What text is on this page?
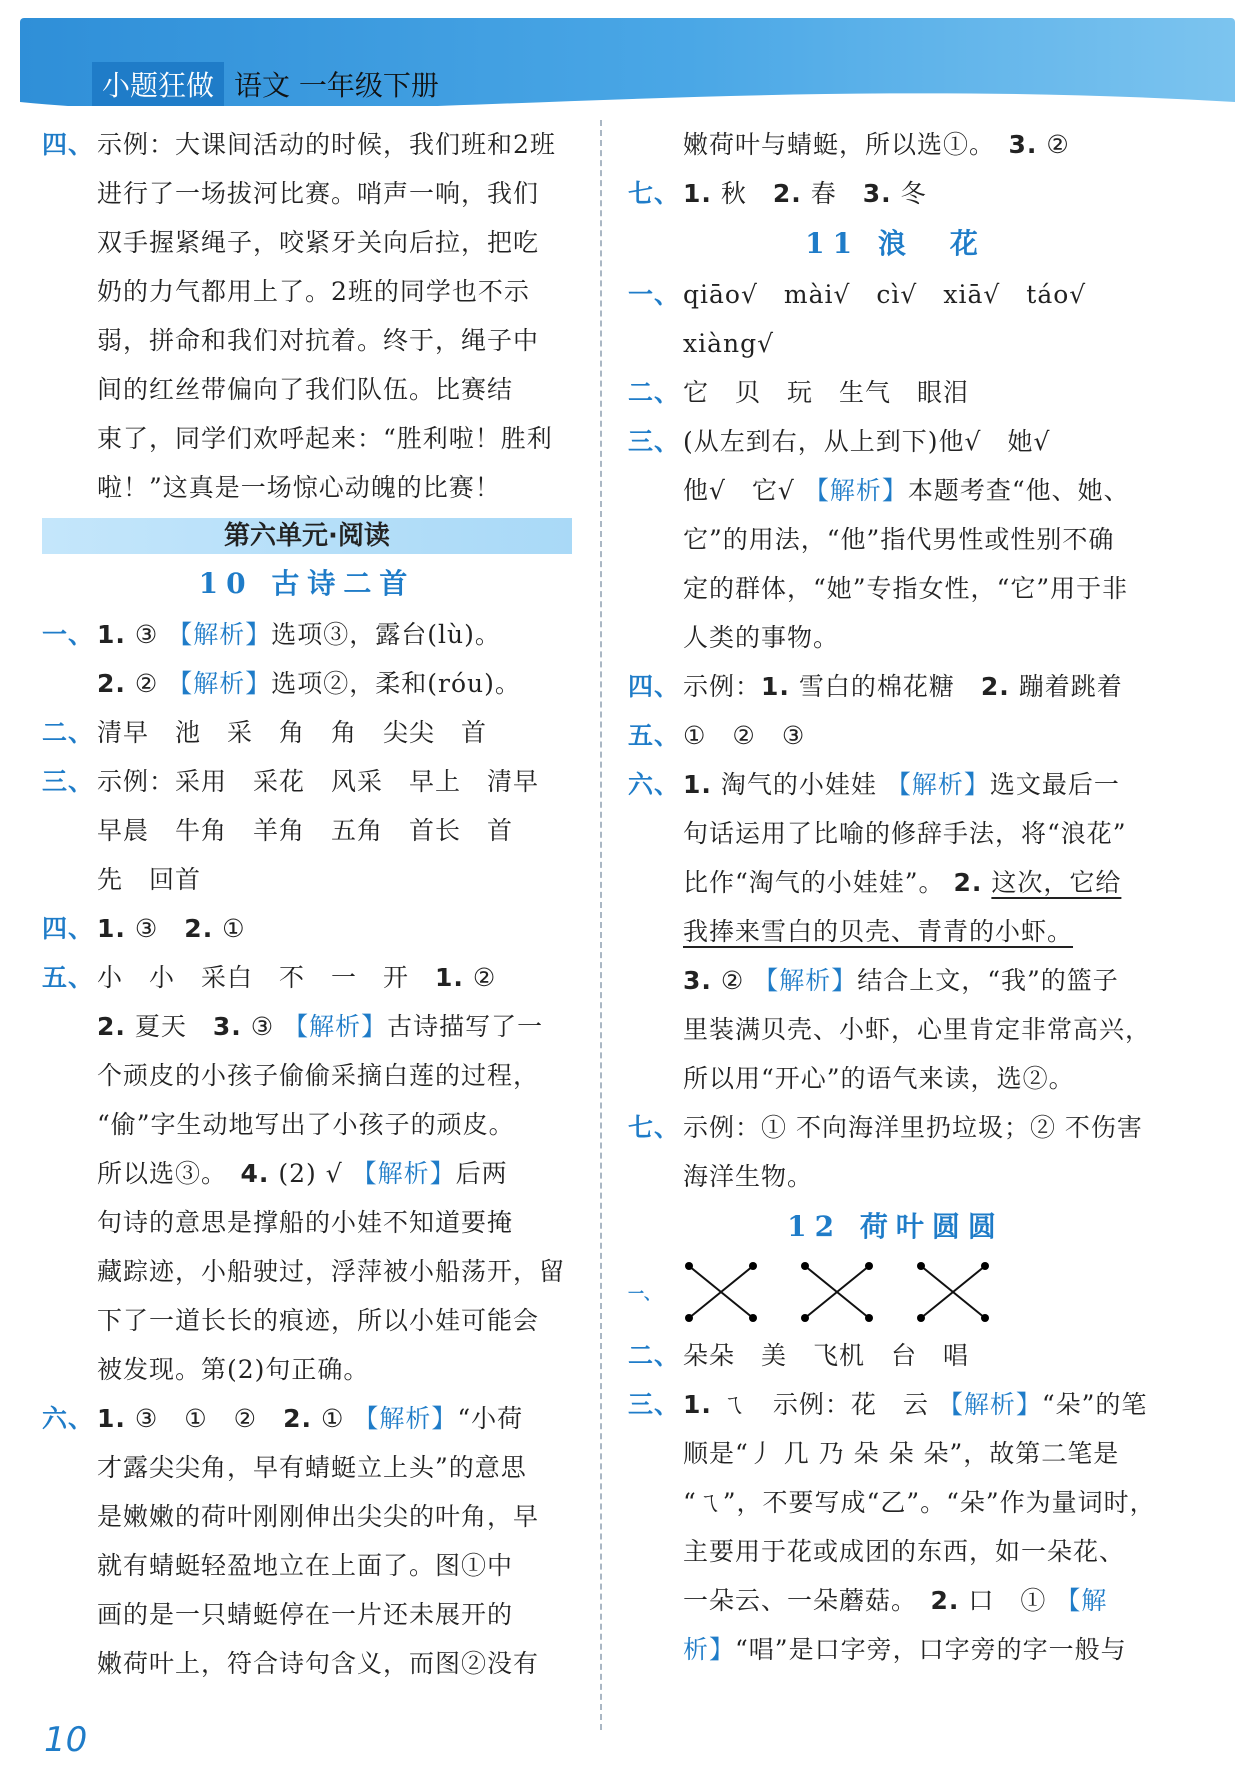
小题狂做 语文 一年级下册
四、 示例：大课间活动的时候，我们班和2班
进行了一场拔河比赛。哨声一响，我们
双手握紧绳子，咬紧牙关向后拉，把吃
奶的力气都用上了。2班的同学也不示
弱，拼命和我们对抗着。终于，绳子中
间的红丝带偏向了我们队伍。比赛结
束了，同学们欢呼起来：“胜利啦！胜利
啦！”这真是一场惊心动魄的比赛！
第六单元·阅读
10 古诗二首
一、 1. ③ 【解析】选项③，露台(lù)。
2. ② 【解析】选项②，柔和(róu)。
二、 清早　池　采　角　角　尖尖　首
三、 示例：采用　采花　风采　早上　清早
早晨　牛角　羊角　五角　首长　首
先　回首
四、 1. ③　 2. ①
五、 小　小　采白　不　一　开　 1. ②
2. 夏天　 3. ③ 【解析】古诗描写了一
个顽皮的小孩子偷偷采摘白莲的过程，
“偷”字生动地写出了小孩子的顽皮。
所以选③。　 4. (2) √ 【解析】后两
句诗的意思是撑船的小娃不知道要掩
藏踪迹，小船驶过，浮萍被小船荡开，留
下了一道长长的痕迹，所以小娃可能会
被发现。第(2)句正确。
六、 1. ③　①　②　 2. ① 【解析】“小荷
才露尖尖角，早有蜻蜓立上头”的意思
是嫩嫩的荷叶刚刚伸出尖尖的叶角，早
就有蜻蜓轻盈地立在上面了。图①中
画的是一只蜻蜓停在一片还未展开的
嫩荷叶上，符合诗句含义，而图②没有
嫩荷叶与蜻蜓，所以选①。　 3. ②
七、 1. 秋　 2. 春　 3. 冬
11 浪　花
一、 qiāo√　mài√　cì√　xiā√　táo√
xiàng√
二、 它　贝　玩　生气　眼泪
三、 (从左到右，从上到下)他√　她√
他√　它√ 【解析】本题考查“他、她、
它”的用法，“他”指代男性或性别不确
定的群体，“她”专指女性，“它”用于非
人类的事物。
四、 示例：1. 雪白的棉花糖　 2. 蹦着跳着
五、 ①　②　③
六、 1. 淘气的小娃娃 【解析】选文最后一
句话运用了比喻的修辞手法，将“浪花”
比作“淘气的小娃娃”。 2. 这次，它给
我捧来雪白的贝壳、青青的小虾。
3. ② 【解析】结合上文，“我”的篮子
里装满贝壳、小虾，心里肯定非常高兴，
所以用“开心”的语气来读，选②。
七、 示例：① 不向海洋里扔垃圾；② 不伤害
海洋生物。
12 荷叶圆圆
一、
二、 朵朵　美　飞机　台　唱
三、 1. ㄟ　示例：花　云 【解析】“朵”的笔
顺是“丿 几 乃 朵 朵 朵”，故第二笔是
“ㄟ”，不要写成“乙”。“朵”作为量词时，
主要用于花或成团的东西，如一朵花、
一朵云、一朵蘑菇。　 2. 口　① 【解
析】“唱”是口字旁，口字旁的字一般与
10
